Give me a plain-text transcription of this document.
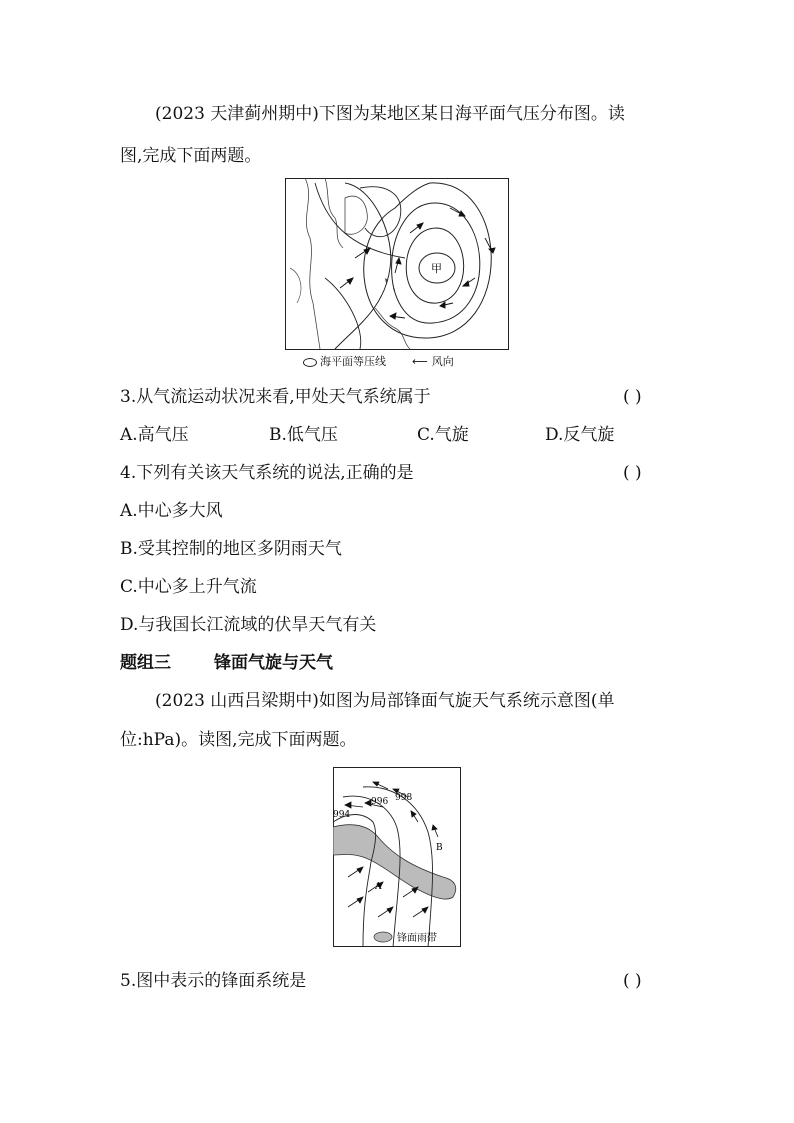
(2023 天津蓟州期中)下图为某地区某日海平面气压分布图。读
图,完成下面两题。
甲
海平面等压线 ⟵ 风向
3.从气流运动状况来看,甲处天气系统属于	( )
A.高气压	B.低气压	C.气旋	D.反气旋
4.下列有关该天气系统的说法,正确的是	( )
A.中心多大风
B.受其控制的地区多阴雨天气
C.中心多上升气流
D.与我国长江流域的伏旱天气有关
题组三	锋面气旋与天气
(2023 山西吕梁期中)如图为局部锋面气旋天气系统示意图(单
位:hPa)。读图,完成下面两题。
994
996 998
A
B
锋面雨带
5.图中表示的锋面系统是	( )
